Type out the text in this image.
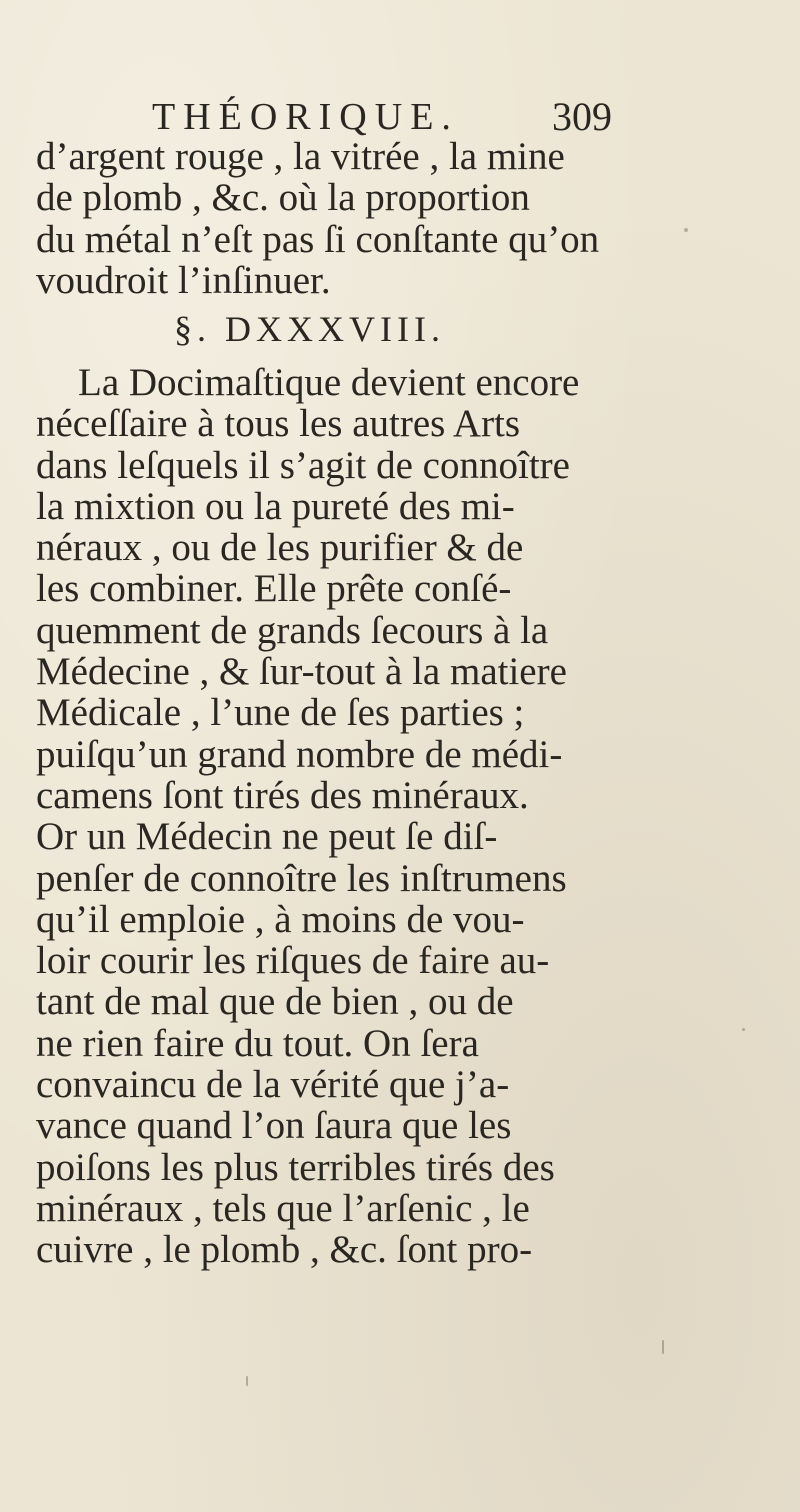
THÉORIQUE. 309
d’argent rouge , la vitrée , la mine
de plomb , &c. où la proportion
du métal n’eſt pas ſi conſtante qu’on
voudroit l’inſinuer.
§. DXXXVIII.
La Docimaſtique devient encore
néceſſaire à tous les autres Arts
dans leſquels il s’agit de connoître
la mixtion ou la pureté des mi-
néraux , ou de les purifier & de
les combiner. Elle prête conſé-
quemment de grands ſecours à la
Médecine , & ſur-tout à la matiere
Médicale , l’une de ſes parties ;
puiſqu’un grand nombre de médi-
camens ſont tirés des minéraux.
Or un Médecin ne peut ſe diſ-
penſer de connoître les inſtrumens
qu’il emploie , à moins de vou-
loir courir les riſques de faire au-
tant de mal que de bien , ou de
ne rien faire du tout. On ſera
convaincu de la vérité que j’a-
vance quand l’on ſaura que les
poiſons les plus terribles tirés des
minéraux , tels que l’arſenic , le
cuivre , le plomb , &c. ſont pro-
